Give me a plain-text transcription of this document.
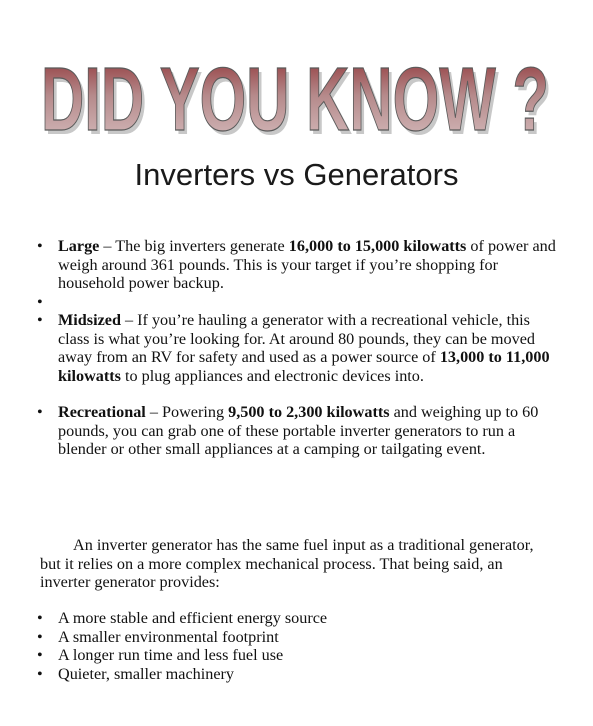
DID YOU KNOW ?
DID YOU KNOW ?
Inverters vs Generators
• Large – The big inverters generate 16,000 to 15,000 kilowatts of power and weigh around 361 pounds. This is your target if you’re shopping for household power backup.
•
• Midsized – If you’re hauling a generator with a recreational vehicle, this class is what you’re looking for. At around 80 pounds, they can be moved away from an RV for safety and used as a power source of 13,000 to 11,000 kilowatts to plug appliances and electronic devices into.
• Recreational – Powering 9,500 to 2,300 kilowatts and weighing up to 60 pounds, you can grab one of these portable inverter generators to run a blender or other small appliances at a camping or tailgating event.
An inverter generator has the same fuel input as a traditional generator, but it relies on a more complex mechanical process. That being said, an inverter generator provides:
• A more stable and efficient energy source
• A smaller environmental footprint
• A longer run time and less fuel use
• Quieter, smaller machinery
